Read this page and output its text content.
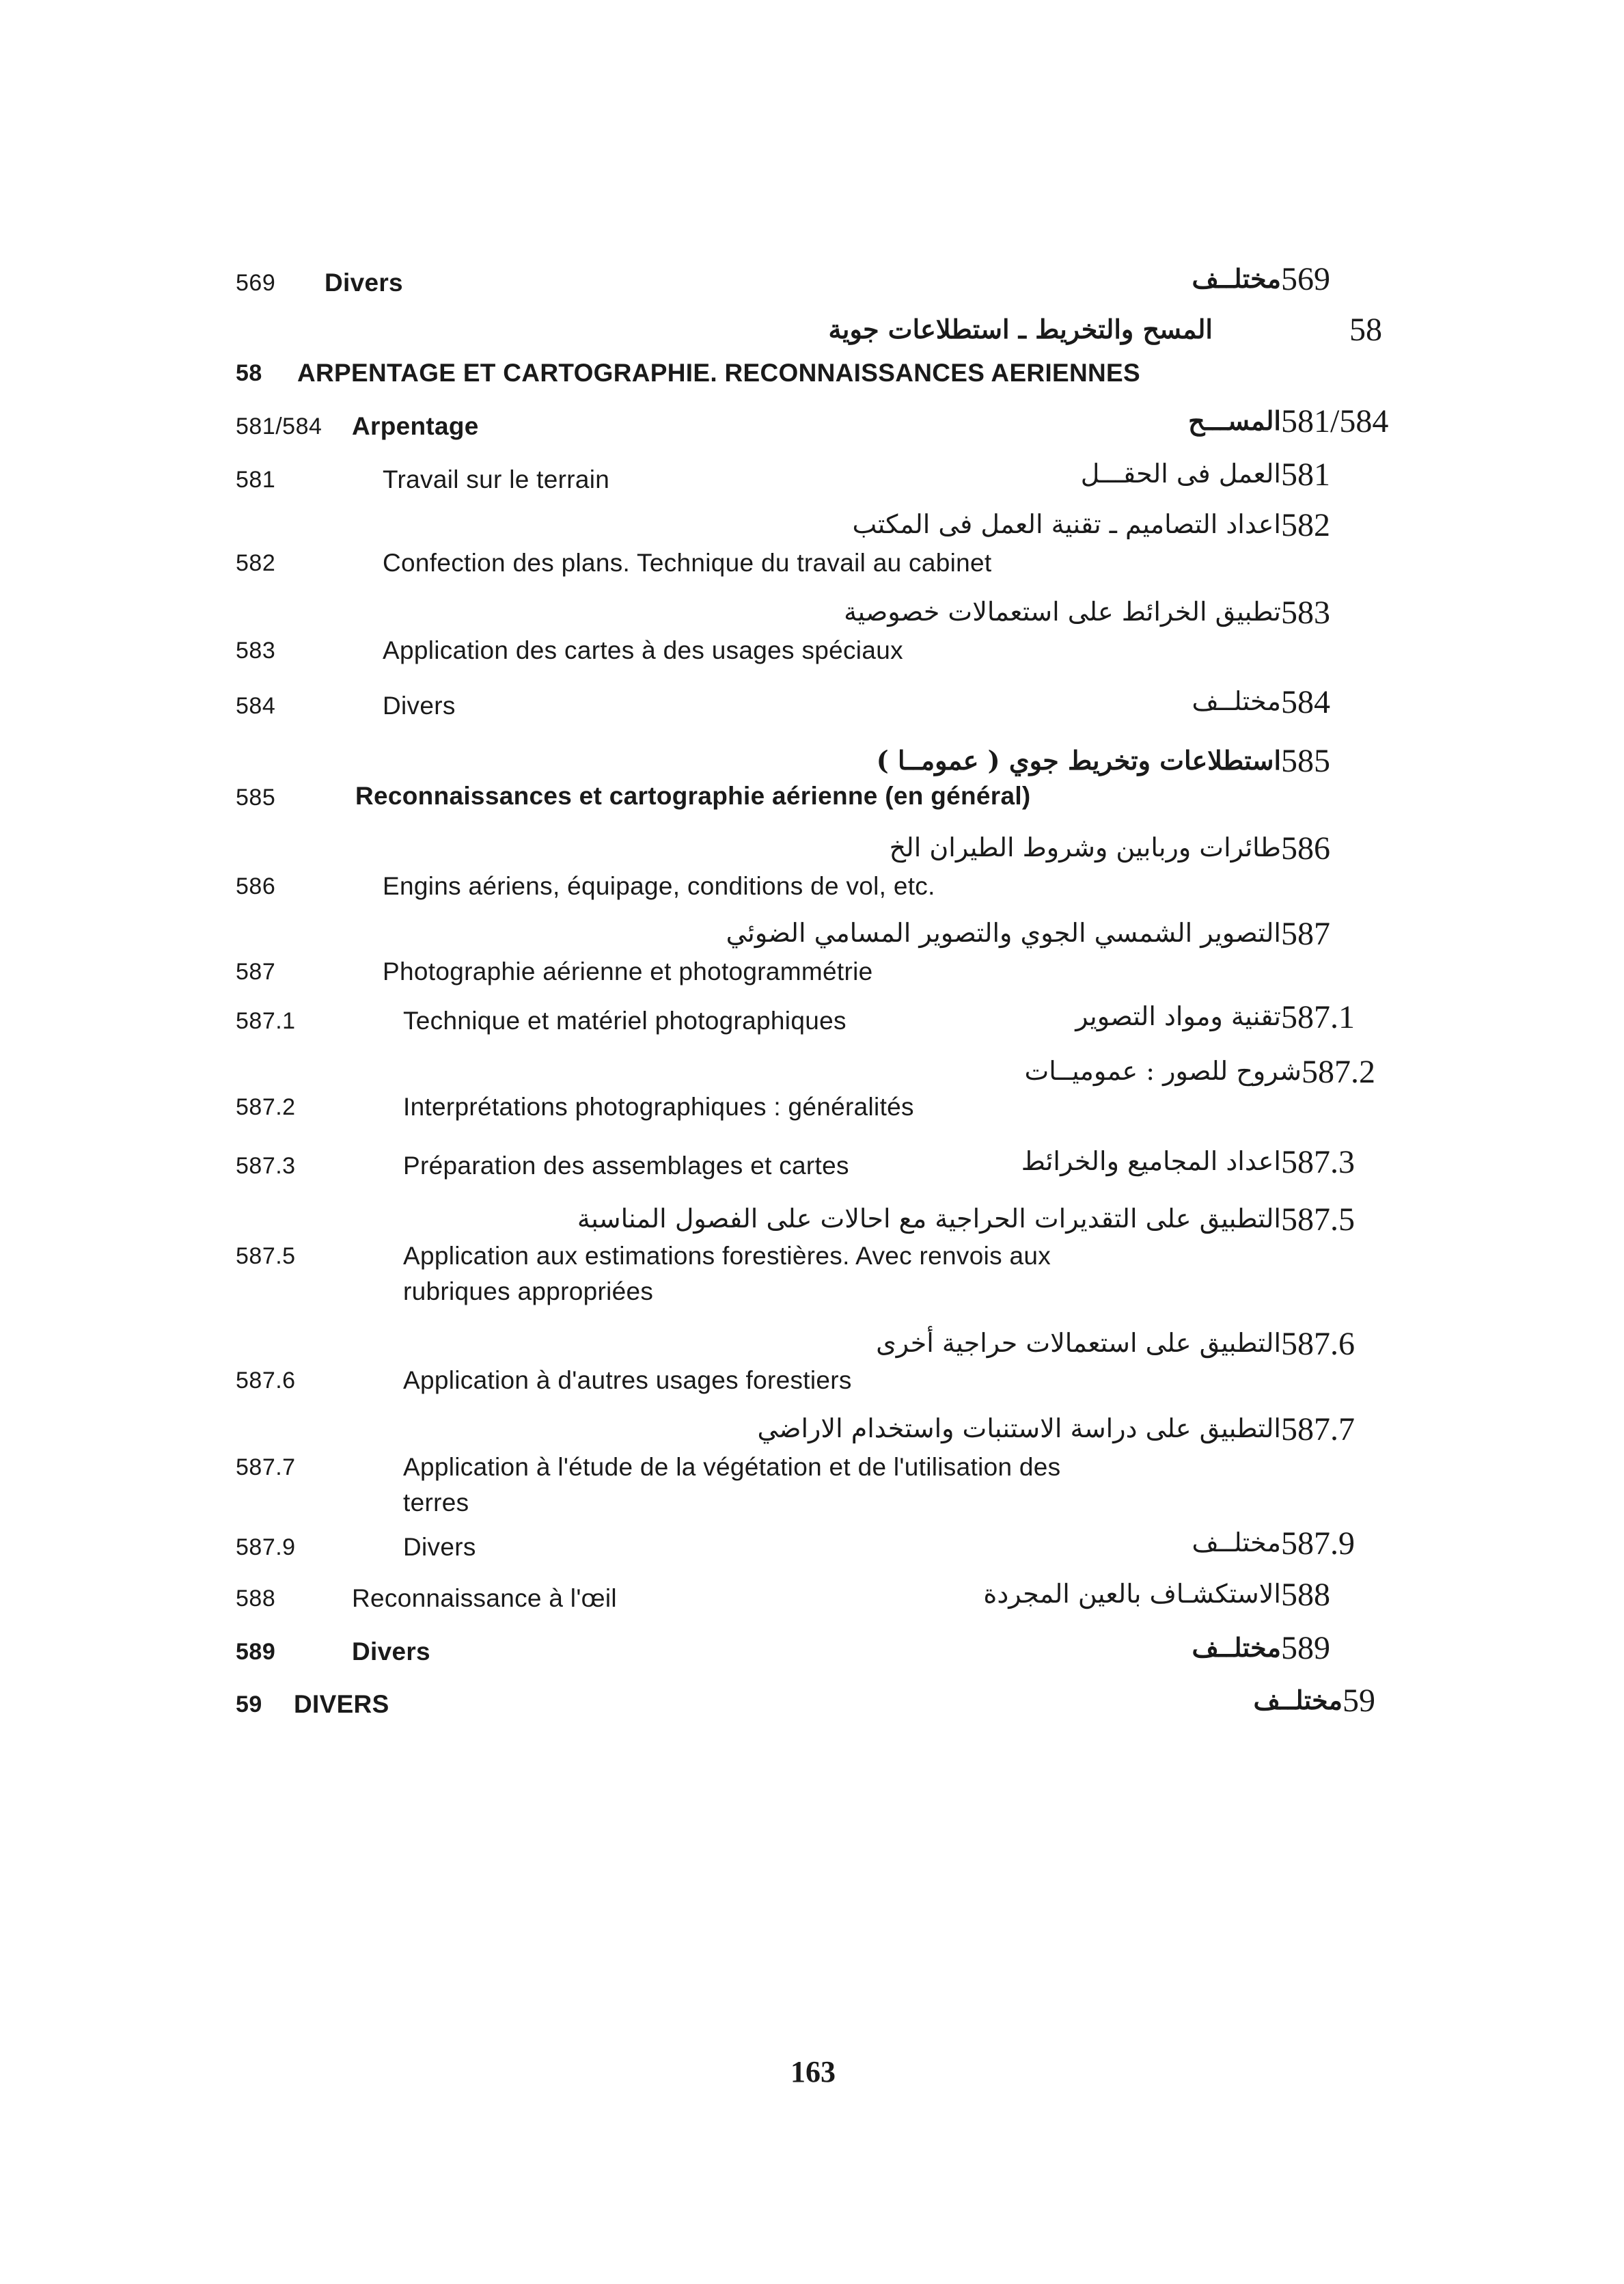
569 Divers	مختلــف 569
المسح والتخريط ـ استطلاعات جوية	58
58 ARPENTAGE ET CARTOGRAPHIE. RECONNAISSANCES AERIENNES
581/584 Arpentage	المســـح 581/584
581	Travail sur le terrain	العمل فى الحقـــل 581
اعداد التصاميم ـ تقنية العمل فى المكتب 582
582	Confection des plans. Technique du travail au cabinet
تطبيق الخرائط على استعمالات خصوصية 583
583	Application des cartes à des usages spéciaux
584	Divers	مختلــف 584
استطلاعات وتخريط جوي ( عمومــا ) 585
585	Reconnaissances et cartographie aérienne (en général)
طائرات وربابين وشروط الطيران الخ 586
586	Engins aériens, équipage, conditions de vol, etc.
التصوير الشمسي الجوي والتصوير المسامي الضوئي 587
587	Photographie aérienne et photogrammétrie
587.1	Technique et matériel photographiques	تقنية ومواد التصوير 587.1
شروح للصور : عموميــات 587.2
587.2	Interprétations photographiques : généralités
587.3	Préparation des assemblages et cartes	اعداد المجاميع والخرائط 587.3
التطبيق على التقديرات الحراجية مع احالات على الفصول المناسبة 587.5
587.5	Application aux estimations forestières. Avec renvois aux
rubriques appropriées
التطبيق على استعمالات حراجية أخرى 587.6
587.6	Application à d'autres usages forestiers
التطبيق على دراسة الاستنبات واستخدام الاراضي 587.7
587.7	Application à l'étude de la végétation et de l'utilisation des
terres
587.9	Divers	مختلــف 587.9
588	Reconnaissance à l'œil	الاستكشـاف بالعين المجردة 588
589	Divers	مختلــف 589
59 DIVERS	مختلــف 59
163
